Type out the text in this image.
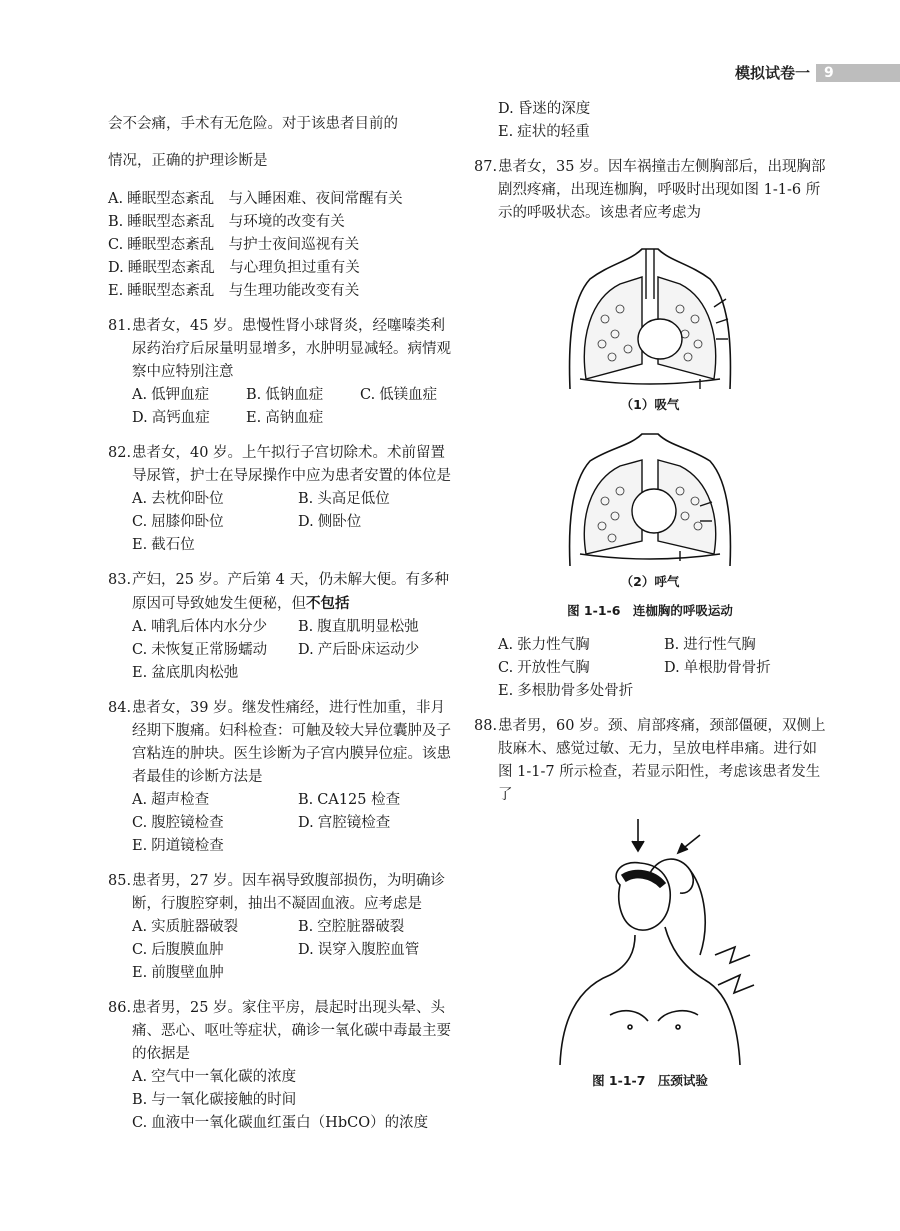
模拟试卷一 9

会不会痛，手术有无危险。对于该患者目前的

情况，正确的护理诊断是

A. 睡眠型态紊乱　与入睡困难、夜间常醒有关
B. 睡眠型态紊乱　与环境的改变有关
C. 睡眠型态紊乱　与护士夜间巡视有关
D. 睡眠型态紊乱　与心理负担过重有关
E. 睡眠型态紊乱　与生理功能改变有关

81.患者女，45 岁。患慢性肾小球肾炎，经噻嗪类利尿药治疗后尿量明显增多，水肿明显减轻。病情观察中应特别注意

A. 低钾血症	B. 低钠血症	C. 低镁血症
D. 高钙血症	E. 高钠血症

82.患者女，40 岁。上午拟行子宫切除术。术前留置导尿管，护士在导尿操作中应为患者安置的体位是

A. 去枕仰卧位	B. 头高足低位
C. 屈膝仰卧位	D. 侧卧位
E. 截石位

83.产妇，25 岁。产后第 4 天，仍未解大便。有多种原因可导致她发生便秘，但不包括

A. 哺乳后体内水分少 B. 腹直肌明显松弛
C. 未恢复正常肠蠕动 D. 产后卧床运动少
E. 盆底肌肉松弛

84.患者女，39 岁。继发性痛经，进行性加重，非月经期下腹痛。妇科检查：可触及较大异位囊肿及子宫粘连的肿块。医生诊断为子宫内膜异位症。该患者最佳的诊断方法是

A. 超声检查	B. CA125 检查
C. 腹腔镜检查	D. 宫腔镜检查
E. 阴道镜检查

85.患者男，27 岁。因车祸导致腹部损伤，为明确诊断，行腹腔穿刺，抽出不凝固血液。应考虑是

A. 实质脏器破裂	B. 空腔脏器破裂
C. 后腹膜血肿	D. 误穿入腹腔血管
E. 前腹壁血肿

86.患者男，25 岁。家住平房，晨起时出现头晕、头痛、恶心、呕吐等症状，确诊一氧化碳中毒最主要的依据是

A. 空气中一氧化碳的浓度
B. 与一氧化碳接触的时间
C. 血液中一氧化碳血红蛋白（HbCO）的浓度
D. 昏迷的深度
E. 症状的轻重

87.患者女，35 岁。因车祸撞击左侧胸部后，出现胸部剧烈疼痛，出现连枷胸，呼吸时出现如图 1-1-6 所示的呼吸状态。该患者应考虑为

（1）吸气
（2）呼气
图 1-1-6　连枷胸的呼吸运动
A. 张力性气胸	B. 进行性气胸
C. 开放性气胸	D. 单根肋骨骨折
E. 多根肋骨多处骨折

88.患者男，60 岁。颈、肩部疼痛，颈部僵硬，双侧上肢麻木、感觉过敏、无力，呈放电样串痛。进行如图 1-1-7 所示检查，若显示阳性，考虑该患者发生了

图 1-1-7　压颈试验
